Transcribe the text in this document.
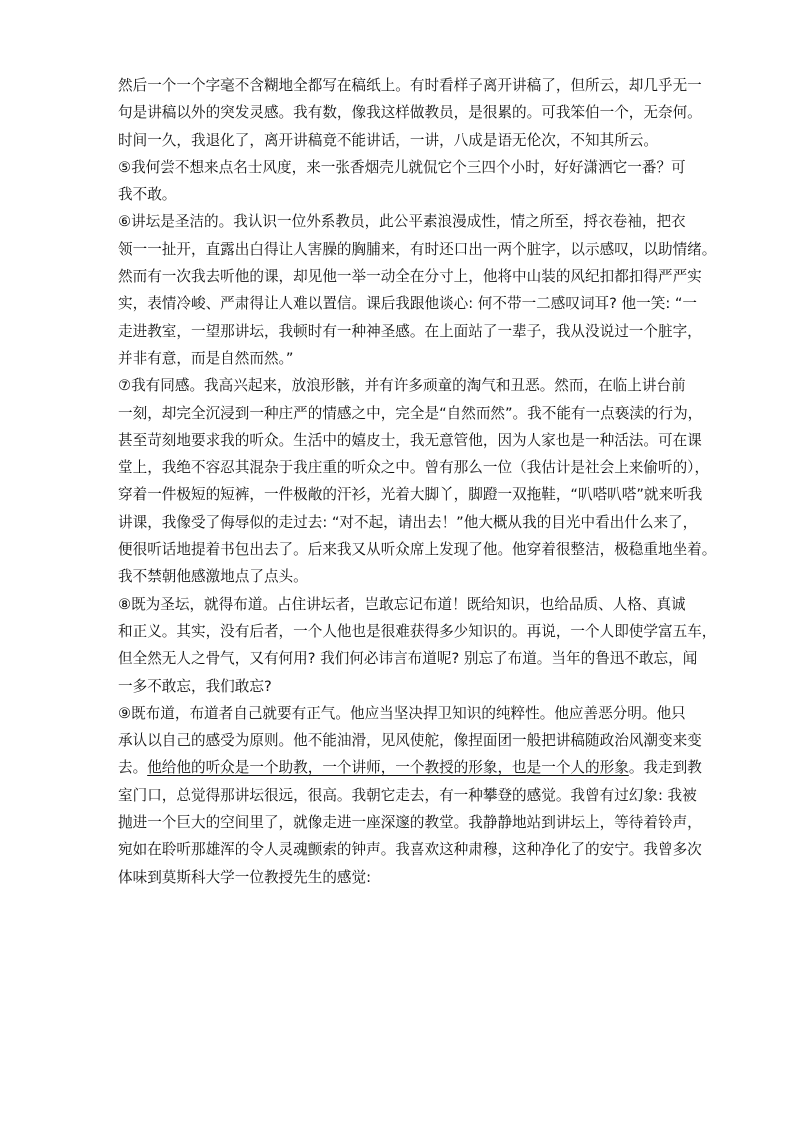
然后一个一个字毫不含糊地全都写在稿纸上。有时看样子离开讲稿了，但所云，却几乎无一
句是讲稿以外的突发灵感。我有数，像我这样做教员，是很累的。可我笨伯一个，无奈何。
时间一久，我退化了，离开讲稿竟不能讲话，一讲，八成是语无伦次，不知其所云。
⑤我何尝不想来点名士风度，来一张香烟壳儿就侃它个三四个小时，好好潇洒它一番？可
我不敢。
⑥讲坛是圣洁的。我认识一位外系教员，此公平素浪漫成性，情之所至，捋衣卷袖，把衣
领一一扯开，直露出白得让人害臊的胸脯来，有时还口出一两个脏字，以示感叹，以助情绪。
然而有一次我去听他的课，却见他一举一动全在分寸上，他将中山装的风纪扣都扣得严严实
实，表情冷峻、严肃得让人难以置信。课后我跟他谈心: 何不带一二感叹词耳? 他一笑: “一
走进教室，一望那讲坛，我顿时有一种神圣感。在上面站了一辈子，我从没说过一个脏字，
并非有意，而是自然而然。”
⑦我有同感。我高兴起来，放浪形骸，并有许多顽童的淘气和丑恶。然而，在临上讲台前
一刻，却完全沉浸到一种庄严的情感之中，完全是“自然而然”。我不能有一点亵渎的行为，
甚至苛刻地要求我的听众。生活中的嬉皮士，我无意管他，因为人家也是一种活法。可在课
堂上，我绝不容忍其混杂于我庄重的听众之中。曾有那么一位（我估计是社会上来偷听的），
穿着一件极短的短裤，一件极敞的汗衫，光着大脚丫，脚蹬一双拖鞋，“叭嗒叭嗒”就来听我
讲课，我像受了侮辱似的走过去: “对不起，请出去！”他大概从我的目光中看出什么来了，
便很听话地提着书包出去了。后来我又从听众席上发现了他。他穿着很整洁，极稳重地坐着。
我不禁朝他感激地点了点头。
⑧既为圣坛，就得布道。占住讲坛者，岂敢忘记布道！既给知识，也给品质、人格、真诚
和正义。其实，没有后者，一个人他也是很难获得多少知识的。再说，一个人即使学富五车，
但全然无人之骨气，又有何用? 我们何必讳言布道呢? 别忘了布道。当年的鲁迅不敢忘，闻
一多不敢忘，我们敢忘?
⑨既布道，布道者自己就要有正气。他应当坚决捍卫知识的纯粹性。他应善恶分明。他只
承认以自己的感受为原则。他不能油滑，见风使舵，像捏面团一般把讲稿随政治风潮变来变
去。他给他的听众是一个助教，一个讲师，一个教授的形象，也是一个人的形象。我走到教
室门口，总觉得那讲坛很远，很高。我朝它走去，有一种攀登的感觉。我曾有过幻象: 我被
抛进一个巨大的空间里了，就像走进一座深邃的教堂。我静静地站到讲坛上，等待着铃声，
宛如在聆听那雄浑的令人灵魂颤索的钟声。我喜欢这种肃穆，这种净化了的安宁。我曾多次
体味到莫斯科大学一位教授先生的感觉:
